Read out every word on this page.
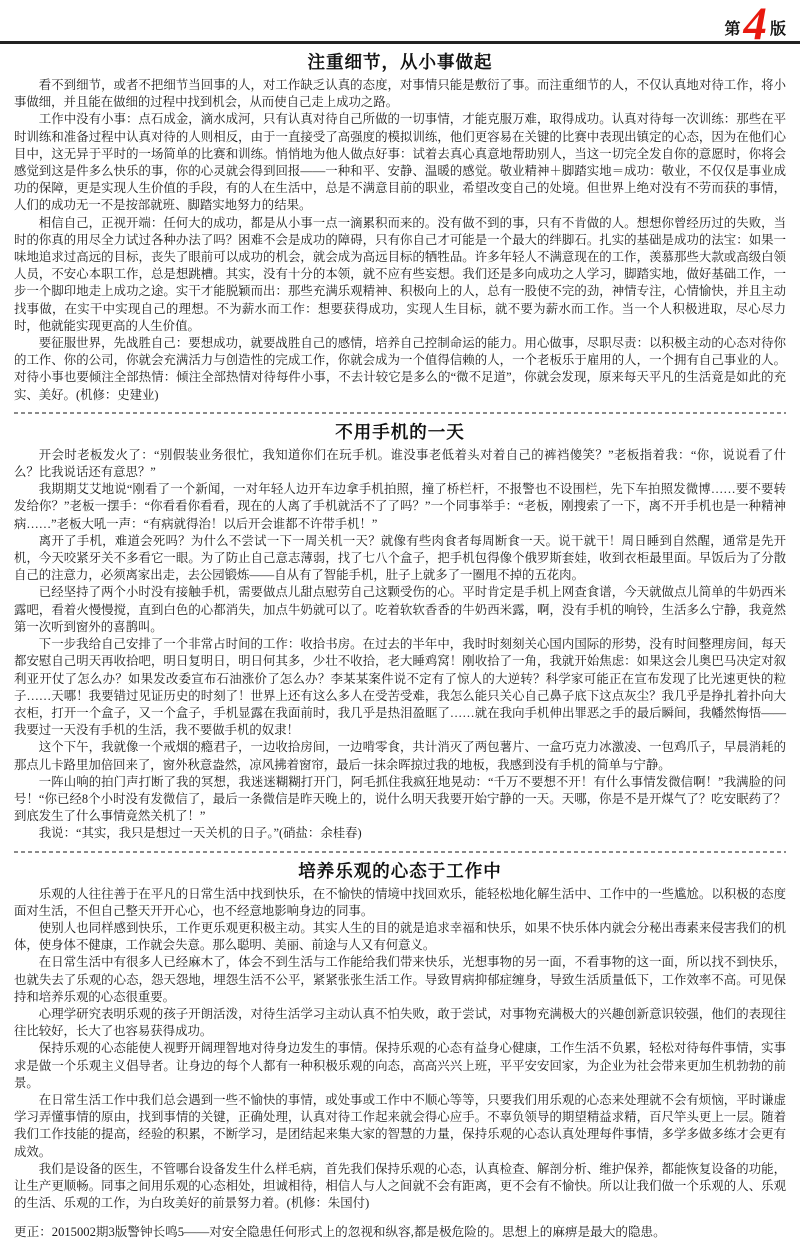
第 4 版
注重细节，从小事做起

看不到细节，或者不把细节当回事的人，对工作缺乏认真的态度，对事情只能是敷衍了事。而注重细节的人，不仅认真地对待工作，将小事做细，并且能在做细的过程中找到机会，从而使自己走上成功之路。

工作中没有小事：点石成金，滴水成河，只有认真对待自己所做的一切事情，才能克服万难，取得成功。认真对待每一次训练：那些在平时训练和准备过程中认真对待的人则相反，由于一直接受了高强度的模拟训练，他们更容易在关键的比赛中表现出镇定的心态，因为在他们心目中，这无异于平时的一场简单的比赛和训练。悄悄地为他人做点好事：试着去真心真意地帮助别人，当这一切完全发自你的意愿时，你将会感觉到这是件多么快乐的事，你的心灵就会得到回报——一种和平、安静、温暖的感觉。敬业精神＋脚踏实地＝成功：敬业，不仅仅是事业成功的保障，更是实现人生价值的手段，有的人在生活中，总是不满意目前的职业，希望改变自己的处境。但世界上绝对没有不劳而获的事情，人们的成功无一不是按部就班、脚踏实地努力的结果。

相信自己，正视开端：任何大的成功，都是从小事一点一滴累积而来的。没有做不到的事，只有不肯做的人。想想你曾经历过的失败，当时的你真的用尽全力试过各种办法了吗？困难不会是成功的障碍，只有你自己才可能是一个最大的绊脚石。扎实的基础是成功的法宝：如果一味地追求过高远的目标，丧失了眼前可以成功的机会，就会成为高远目标的牺牲品。许多年轻人不满意现在的工作，羡慕那些大款或高级白领人员，不安心本职工作，总是想跳槽。其实，没有十分的本领，就不应有些妄想。我们还是多向成功之人学习，脚踏实地，做好基础工作，一步一个脚印地走上成功之途。实干才能脱颖而出：那些充满乐观精神、积极向上的人，总有一股使不完的劲，神情专注，心情愉快，并且主动找事做，在实干中实现自己的理想。不为薪水而工作：想要获得成功，实现人生目标，就不要为薪水而工作。当一个人积极进取，尽心尽力时，他就能实现更高的人生价值。

要征服世界，先战胜自己：要想成功，就要战胜自己的感情，培养自己控制命运的能力。用心做事，尽职尽责：以积极主动的心态对待你的工作、你的公司，你就会充满活力与创造性的完成工作，你就会成为一个值得信赖的人，一个老板乐于雇用的人，一个拥有自己事业的人。对待小事也要倾注全部热情：倾注全部热情对待每件小事，不去计较它是多么的“微不足道”，你就会发现，原来每天平凡的生活竟是如此的充实、美好。(机修：史建业)

不用手机的一天

开会时老板发火了：“别假装业务很忙，我知道你们在玩手机。谁没事老低着头对着自己的裤裆傻笑？”老板指着我：“你，说说看了什么？比我说话还有意思？”

我期期艾艾地说“刚看了一个新闻，一对年轻人边开车边拿手机拍照，撞了桥栏杆，不报警也不设围栏，先下车拍照发微博……要不要转发给你？”老板一摆手：“你看看你看看，现在的人离了手机就活不了了吗？”一个同事举手：“老板，刚搜索了一下，离不开手机也是一种精神病……”老板大吼一声：“有病就得治！以后开会谁都不许带手机！”

离开了手机，难道会死吗？为什么不尝试一下一周关机一天？就像有些肉食者每周断食一天。说干就干！周日睡到自然醒，通常是先开机，今天咬紧牙关不多看它一眼。为了防止自己意志薄弱，找了七八个盒子，把手机包得像个俄罗斯套娃，收到衣柜最里面。早饭后为了分散自己的注意力，必须离家出走，去公园锻炼——自从有了智能手机，肚子上就多了一圈甩不掉的五花肉。

已经坚持了两个小时没有接触手机，需要做点儿甜点慰劳自己这颗受伤的心。平时肯定是手机上网查食谱，今天就做点儿简单的牛奶西米露吧，看着火慢慢搅，直到白色的心都消失，加点牛奶就可以了。吃着软软香香的牛奶西米露，啊，没有手机的响铃，生活多么宁静，我竟然第一次听到窗外的喜鹊叫。

下一步我给自己安排了一个非常占时间的工作：收拾书房。在过去的半年中，我时时刻刻关心国内国际的形势，没有时间整理房间，每天都安慰自己明天再收拾吧，明日复明日，明日何其多，少壮不收拾，老大睡鸡窝！刚收拾了一角，我就开始焦虑：如果这会儿奥巴马决定对叙利亚开仗了怎么办？如果发改委宣布石油涨价了怎么办？李某某案件说不定有了惊人的大逆转？科学家可能正在宣布发现了比光速更快的粒子……天哪！我要错过见证历史的时刻了！世界上还有这么多人在受苦受难，我怎么能只关心自己鼻子底下这点灰尘？我几乎是挣扎着扑向大衣柜，打开一个盒子，又一个盒子，手机显露在我面前时，我几乎是热泪盈眶了……就在我向手机伸出罪恶之手的最后瞬间，我幡然悔悟——我要过一天没有手机的生活，我不要做手机的奴隶！

这个下午，我就像一个戒烟的瘾君子，一边收拾房间，一边啃零食，共计消灭了两包薯片、一盒巧克力冰激凌、一包鸡爪子，早晨消耗的那点儿卡路里加倍回来了，窗外秋意盎然，凉风拂着窗帘，最后一抹余晖掠过我的地板，我感到没有手机的简单与宁静。

一阵山响的拍门声打断了我的冥想，我迷迷糊糊打开门，阿毛抓住我疯狂地晃动：“千万不要想不开！有什么事情发微信啊！”我满脸的问号！“你已经8个小时没有发微信了，最后一条微信是昨天晚上的，说什么明天我要开始宁静的一天。天哪，你是不是开煤气了？吃安眠药了？到底发生了什么事情竟然关机了！”

我说：“其实，我只是想过一天关机的日子。”(硝盐：余桂春)

培养乐观的心态于工作中

乐观的人往往善于在平凡的日常生活中找到快乐，在不愉快的情境中找回欢乐，能轻松地化解生活中、工作中的一些尴尬。以积极的态度面对生活，不但自己整天开开心心，也不经意地影响身边的同事。

使别人也同样感到快乐，工作更乐观更积极主动。其实人生的目的就是追求幸福和快乐，如果不快乐体内就会分秘出毒素来侵害我们的机体，使身体不健康，工作就会失意。那么聪明、美丽、前途与人又有何意义。

在日常生活中有很多人已经麻木了，体会不到生活与工作能给我们带来快乐，光想事物的另一面，不看事物的这一面，所以找不到快乐，也就失去了乐观的心态，怨天怨地，埋怨生活不公平，紧紧张张生活工作。导致胃病抑郁症缠身，导致生活质量低下，工作效率不高。可见保持和培养乐观的心态很重要。

心理学研究表明乐观的孩子开朗活泼，对待生活学习主动认真不怕失败，敢于尝试，对事物充满极大的兴趣创新意识较强，他们的表现往往比较好，长大了也容易获得成功。

保持乐观的心态能使人视野开阔理智地对待身边发生的事情。保持乐观的心态有益身心健康，工作生活不负累，轻松对待每件事情，实事求是做一个乐观主义倡导者。让身边的每个人都有一种积极乐观的向态，高高兴兴上班，平平安安回家，为企业为社会带来更加生机勃勃的前景。

在日常生活工作中我们总会遇到一些不愉快的事情，或处事或工作中不顺心等等，只要我们用乐观的心态来处理就不会有烦恼，平时谦虚学习弄懂事情的原由，找到事情的关键，正确处理，认真对待工作起来就会得心应手。不辜负领导的期望精益求精，百尺竿头更上一层。随着我们工作技能的提高，经验的积累，不断学习，是团结起来集大家的智慧的力量，保持乐观的心态认真处理每件事情，多学多做多练才会更有成效。

我们是设备的医生，不管哪台设备发生什么样毛病，首先我们保持乐观的心态，认真检查、解剖分析、维护保养，都能恢复设备的功能，让生产更顺畅。同事之间用乐观的心态相处，坦诚相待，相信人与人之间就不会有距离，更不会有不愉快。所以让我们做一个乐观的人、乐观的生活、乐观的工作，为白玫美好的前景努力着。(机修：朱国付)

更正：2015002期3版警钟长鸣5——对安全隐患任何形式上的忽视和纵容,都是极危险的。思想上的麻痹是最大的隐患。
